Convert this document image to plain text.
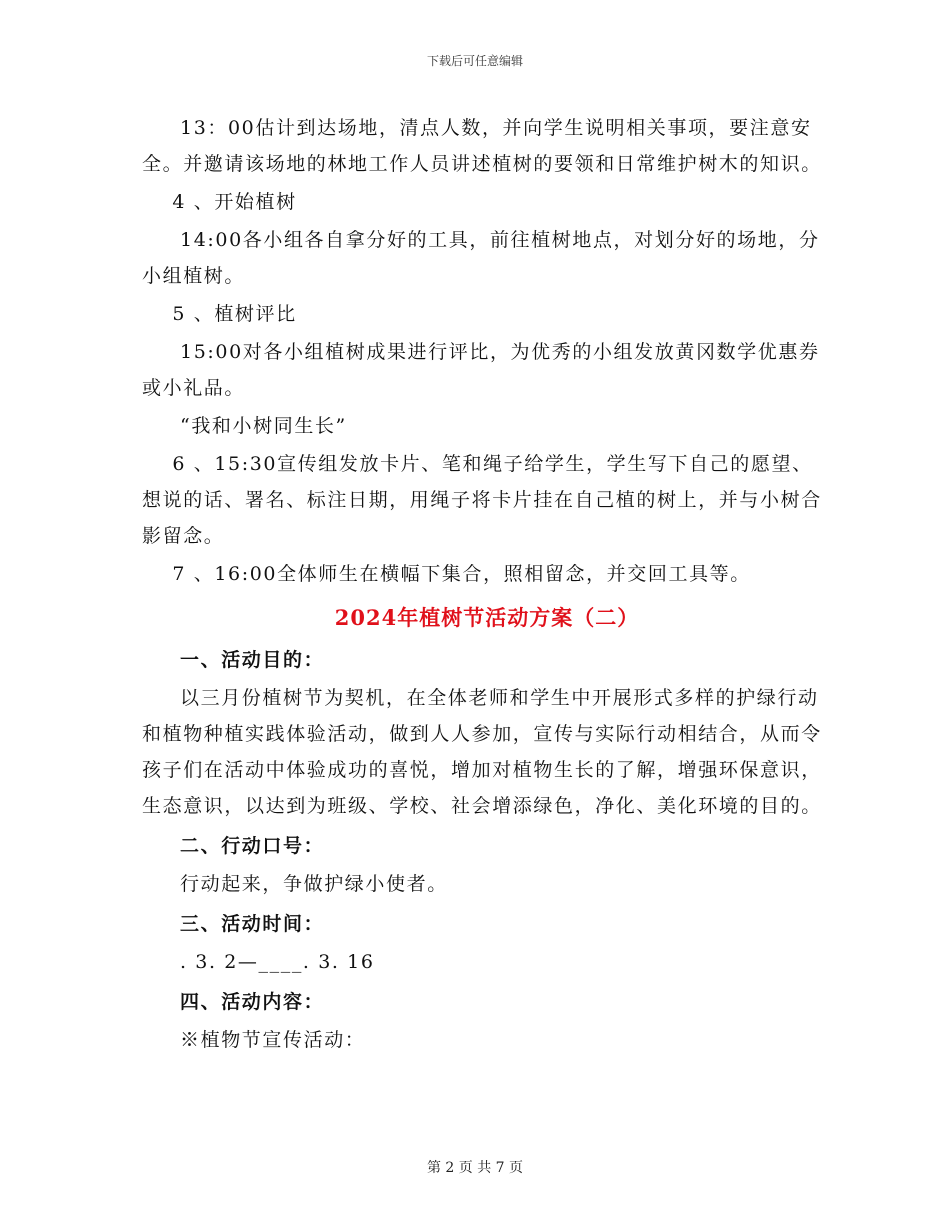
下载后可任意编辑

13：00估计到达场地，清点人数，并向学生说明相关事项，要注意安全。并邀请该场地的林地工作人员讲述植树的要领和日常维护树木的知识。

4 、开始植树

14:00各小组各自拿分好的工具，前往植树地点，对划分好的场地，分小组植树。

5 、植树评比

15:00对各小组植树成果进行评比，为优秀的小组发放黄冈数学优惠券或小礼品。

“我和小树同生长”

6 、15:30宣传组发放卡片、笔和绳子给学生，学生写下自己的愿望、想说的话、署名、标注日期，用绳子将卡片挂在自己植的树上，并与小树合影留念。

7 、16:00全体师生在横幅下集合，照相留念，并交回工具等。

2024年植树节活动方案（二）

一、活动目的：

以三月份植树节为契机，在全体老师和学生中开展形式多样的护绿行动和植物种植实践体验活动，做到人人参加，宣传与实际行动相结合，从而令孩子们在活动中体验成功的喜悦，增加对植物生长的了解，增强环保意识，生态意识，以达到为班级、学校、社会增添绿色，净化、美化环境的目的。

二、行动口号：

行动起来，争做护绿小使者。

三、活动时间：

. 3. 2—____. 3. 16

四、活动内容：

※植物节宣传活动：

第 2 页 共 7 页
